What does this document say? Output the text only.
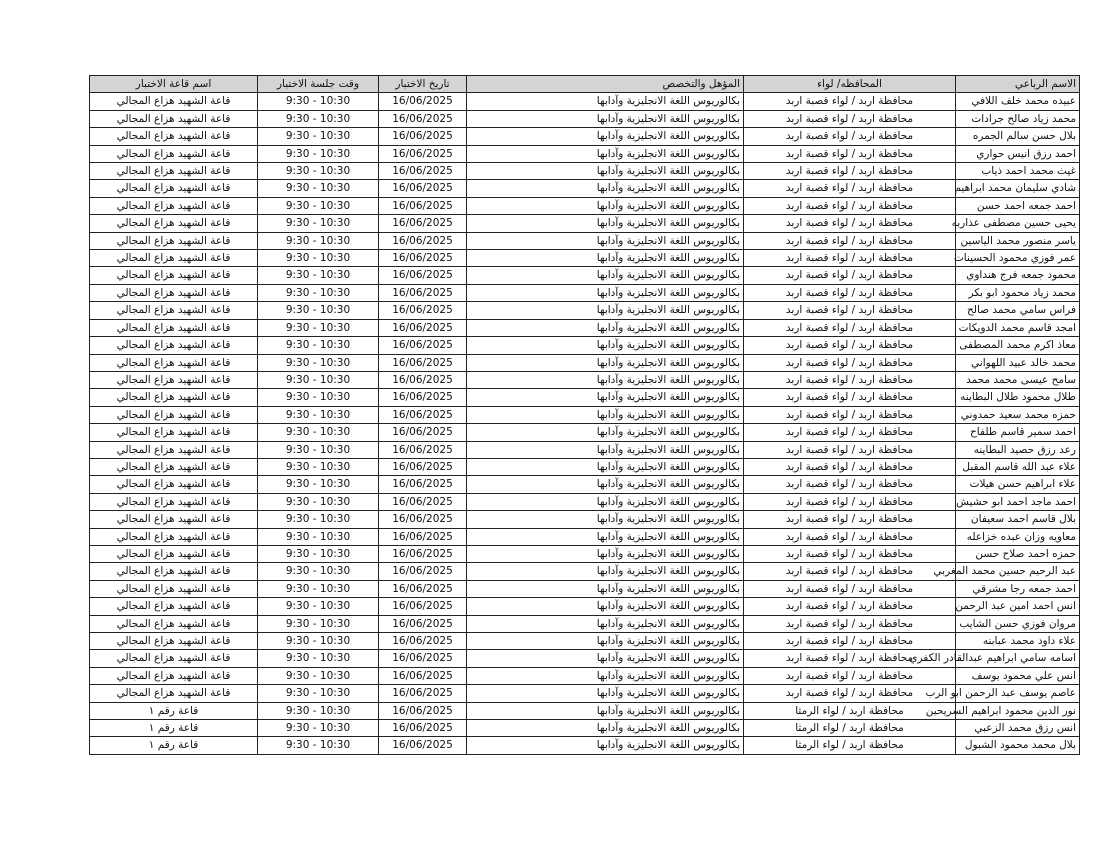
اسم قاعة الاختبار	وقت جلسة الاختبار	تاريخ الاختبار	المؤهل والتخصص	المحافظه/ لواء	الاسم الرباعي
قاعة الشهيد هزاع المجالي	9:30 - 10:30	16/06/2025	بكالوريوس اللغة الانجليزية وآدابها	محافظة اربد / لواء قصبة اربد	عبيده محمد خلف اللافي
قاعة الشهيد هزاع المجالي	9:30 - 10:30	16/06/2025	بكالوريوس اللغة الانجليزية وآدابها	محافظة اربد / لواء قصبة اربد	محمد زياد صالح جرادات
قاعة الشهيد هزاع المجالي	9:30 - 10:30	16/06/2025	بكالوريوس اللغة الانجليزية وآدابها	محافظة اربد / لواء قصبة اربد	بلال حسن سالم الجمره
قاعة الشهيد هزاع المجالي	9:30 - 10:30	16/06/2025	بكالوريوس اللغة الانجليزية وآدابها	محافظة اربد / لواء قصبة اربد	احمد رزق انيس حواري
قاعة الشهيد هزاع المجالي	9:30 - 10:30	16/06/2025	بكالوريوس اللغة الانجليزية وآدابها	محافظة اربد / لواء قصبة اربد	غيث محمد احمد ذياب
قاعة الشهيد هزاع المجالي	9:30 - 10:30	16/06/2025	بكالوريوس اللغة الانجليزية وآدابها	محافظة اربد / لواء قصبة اربد	شادي سليمان محمد ابراهيم
قاعة الشهيد هزاع المجالي	9:30 - 10:30	16/06/2025	بكالوريوس اللغة الانجليزية وآدابها	محافظة اربد / لواء قصبة اربد	احمد جمعه احمد حسن
قاعة الشهيد هزاع المجالي	9:30 - 10:30	16/06/2025	بكالوريوس اللغة الانجليزية وآدابها	محافظة اربد / لواء قصبة اربد	يحيى حسين مصطفى عذاربه
قاعة الشهيد هزاع المجالي	9:30 - 10:30	16/06/2025	بكالوريوس اللغة الانجليزية وآدابها	محافظة اربد / لواء قصبة اربد	ياسر منصور محمد الياسين
قاعة الشهيد هزاع المجالي	9:30 - 10:30	16/06/2025	بكالوريوس اللغة الانجليزية وآدابها	محافظة اربد / لواء قصبة اربد	عمر فوزي محمود الحسينات
قاعة الشهيد هزاع المجالي	9:30 - 10:30	16/06/2025	بكالوريوس اللغة الانجليزية وآدابها	محافظة اربد / لواء قصبة اربد	محمود جمعه فرج هنداوي
قاعة الشهيد هزاع المجالي	9:30 - 10:30	16/06/2025	بكالوريوس اللغة الانجليزية وآدابها	محافظة اربد / لواء قصبة اربد	محمد زياد محمود ابو بكر
قاعة الشهيد هزاع المجالي	9:30 - 10:30	16/06/2025	بكالوريوس اللغة الانجليزية وآدابها	محافظة اربد / لواء قصبة اربد	فراس سامي محمد صالح
قاعة الشهيد هزاع المجالي	9:30 - 10:30	16/06/2025	بكالوريوس اللغة الانجليزية وآدابها	محافظة اربد / لواء قصبة اربد	امجد قاسم محمد الدويكات
قاعة الشهيد هزاع المجالي	9:30 - 10:30	16/06/2025	بكالوريوس اللغة الانجليزية وآدابها	محافظة اربد / لواء قصبة اربد	معاذ اكرم محمد المصطفى
قاعة الشهيد هزاع المجالي	9:30 - 10:30	16/06/2025	بكالوريوس اللغة الانجليزية وآدابها	محافظة اربد / لواء قصبة اربد	محمد خالد عبيد اللهواني
قاعة الشهيد هزاع المجالي	9:30 - 10:30	16/06/2025	بكالوريوس اللغة الانجليزية وآدابها	محافظة اربد / لواء قصبة اربد	سامح عيسى محمد محمد
قاعة الشهيد هزاع المجالي	9:30 - 10:30	16/06/2025	بكالوريوس اللغة الانجليزية وآدابها	محافظة اربد / لواء قصبة اربد	طلال محمود طلال البطاينه
قاعة الشهيد هزاع المجالي	9:30 - 10:30	16/06/2025	بكالوريوس اللغة الانجليزية وآدابها	محافظة اربد / لواء قصبة اربد	حمزه محمد سعيد حمدوني
قاعة الشهيد هزاع المجالي	9:30 - 10:30	16/06/2025	بكالوريوس اللغة الانجليزية وآدابها	محافظة اربد / لواء قصبة اربد	احمد سمير قاسم طلفاح
قاعة الشهيد هزاع المجالي	9:30 - 10:30	16/06/2025	بكالوريوس اللغة الانجليزية وآدابها	محافظة اربد / لواء قصبة اربد	رعد رزق حصيد البطاينه
قاعة الشهيد هزاع المجالي	9:30 - 10:30	16/06/2025	بكالوريوس اللغة الانجليزية وآدابها	محافظة اربد / لواء قصبة اربد	علاء عبد الله قاسم المقبل
قاعة الشهيد هزاع المجالي	9:30 - 10:30	16/06/2025	بكالوريوس اللغة الانجليزية وآدابها	محافظة اربد / لواء قصبة اربد	علاء ابراهيم حسن هيلات
قاعة الشهيد هزاع المجالي	9:30 - 10:30	16/06/2025	بكالوريوس اللغة الانجليزية وآدابها	محافظة اربد / لواء قصبة اربد	احمد ماجد احمد ابو حشيش
قاعة الشهيد هزاع المجالي	9:30 - 10:30	16/06/2025	بكالوريوس اللغة الانجليزية وآدابها	محافظة اربد / لواء قصبة اربد	بلال قاسم احمد سعيفان
قاعة الشهيد هزاع المجالي	9:30 - 10:30	16/06/2025	بكالوريوس اللغة الانجليزية وآدابها	محافظة اربد / لواء قصبة اربد	معاويه وزان عبده خزاعله
قاعة الشهيد هزاع المجالي	9:30 - 10:30	16/06/2025	بكالوريوس اللغة الانجليزية وآدابها	محافظة اربد / لواء قصبة اربد	حمزه احمد صلاح حسن
قاعة الشهيد هزاع المجالي	9:30 - 10:30	16/06/2025	بكالوريوس اللغة الانجليزية وآدابها	محافظة اربد / لواء قصبة اربد	عبد الرحيم حسين محمد المغربي
قاعة الشهيد هزاع المجالي	9:30 - 10:30	16/06/2025	بكالوريوس اللغة الانجليزية وآدابها	محافظة اربد / لواء قصبة اربد	احمد جمعه رجا مشرقي
قاعة الشهيد هزاع المجالي	9:30 - 10:30	16/06/2025	بكالوريوس اللغة الانجليزية وآدابها	محافظة اربد / لواء قصبة اربد	انس احمد امين عبد الرحمن
قاعة الشهيد هزاع المجالي	9:30 - 10:30	16/06/2025	بكالوريوس اللغة الانجليزية وآدابها	محافظة اربد / لواء قصبة اربد	مروان فوزي حسن الشايب
قاعة الشهيد هزاع المجالي	9:30 - 10:30	16/06/2025	بكالوريوس اللغة الانجليزية وآدابها	محافظة اربد / لواء قصبة اربد	علاء داود محمد عبابنه
قاعة الشهيد هزاع المجالي	9:30 - 10:30	16/06/2025	بكالوريوس اللغة الانجليزية وآدابها	محافظة اربد / لواء قصبة اربد	اسامه سامي ابراهيم عبدالقادر الكفري
قاعة الشهيد هزاع المجالي	9:30 - 10:30	16/06/2025	بكالوريوس اللغة الانجليزية وآدابها	محافظة اربد / لواء قصبة اربد	انس علي محمود يوسف
قاعة الشهيد هزاع المجالي	9:30 - 10:30	16/06/2025	بكالوريوس اللغة الانجليزية وآدابها	محافظة اربد / لواء قصبة اربد	عاصم يوسف عبد الرحمن ابو الرب
قاعة رقم ١	9:30 - 10:30	16/06/2025	بكالوريوس اللغة الانجليزية وآدابها	محافظة اربد / لواء الرمثا	نور الدين محمود ابراهيم السريحين
قاعة رقم ١	9:30 - 10:30	16/06/2025	بكالوريوس اللغة الانجليزية وآدابها	محافظة اربد / لواء الرمثا	انس رزق محمد الزعبي
قاعة رقم ١	9:30 - 10:30	16/06/2025	بكالوريوس اللغة الانجليزية وآدابها	محافظة اربد / لواء الرمثا	بلال محمد محمود الشبول
